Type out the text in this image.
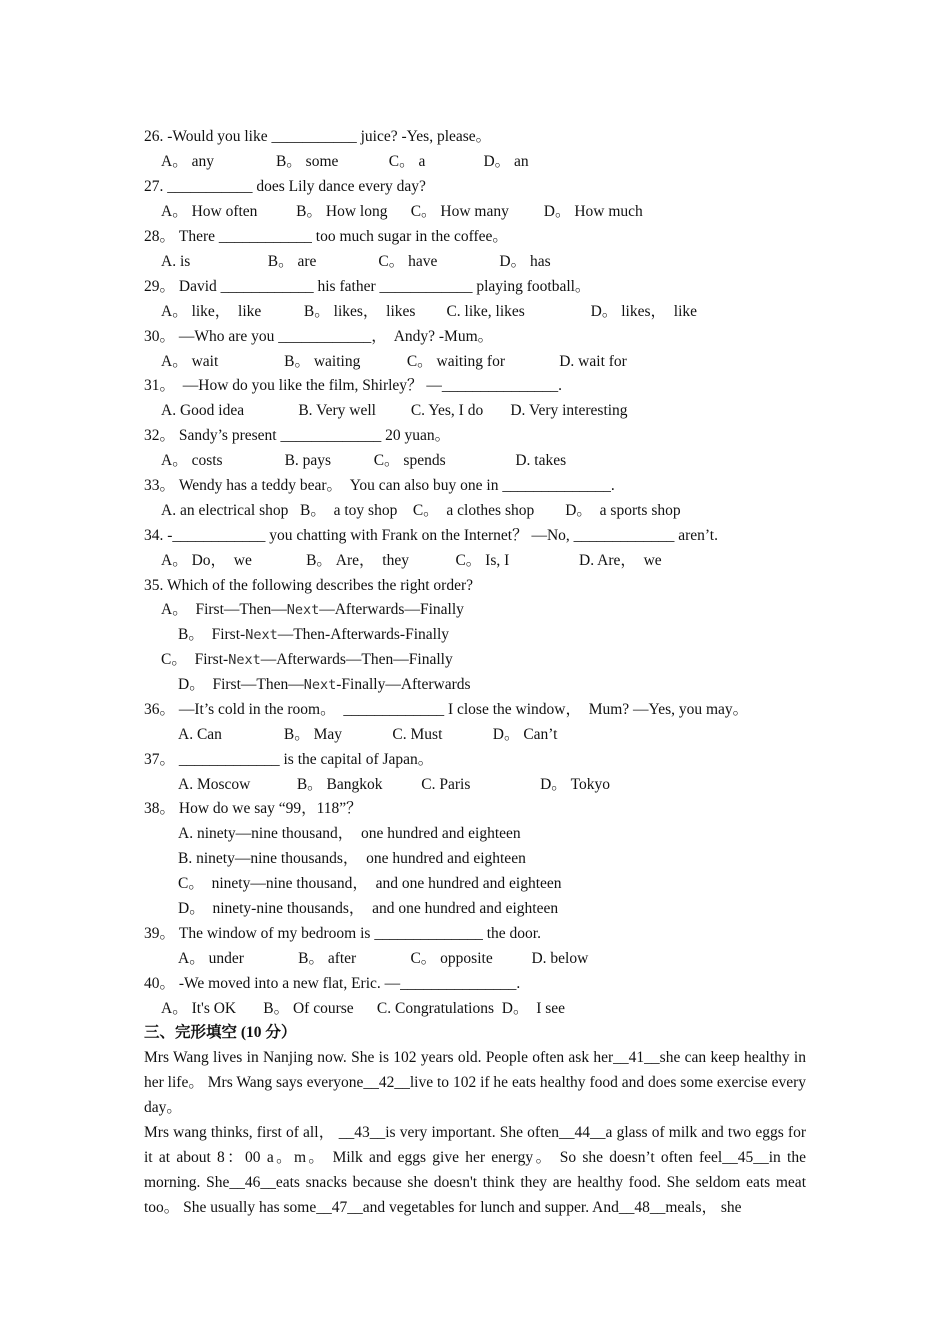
26. -Would you like ___________ juice? -Yes, please。
A。 any                B。 some             C。 a               D。 an
27. ___________ does Lily dance every day?
A。 How often          B。 How long      C。 How many         D。 How much
28。 There ____________ too much sugar in the coffee。
A. is                    B。 are                C。 have                D。 has
29。 David ____________ his father ____________ playing football。
A。 like，  like           B。 likes，  likes        C. like, likes                 D。 likes，  like
30。 —Who are you ____________，  Andy? -Mum。
A。 wait                 B。 waiting            C。 waiting for              D. wait for
31。  —How do you like the film, Shirley？ —_______________.
A. Good idea              B. Very well         C. Yes, I do       D. Very interesting
32。 Sandy’s present _____________ 20 yuan。
A。 costs                B. pays           C。 spends                  D. takes
33。 Wendy has a teddy bear。  You can also buy one in ______________.
A. an electrical shop   B。  a toy shop    C。  a clothes shop        D。  a sports shop
34. -____________ you chatting with Frank on the Internet？ —No, _____________ aren’t.
A。 Do，  we              B。 Are，  they            C。 Is, I                  D. Are，  we
35. Which of the following describes the right order?
A。  First—Then—Next—Afterwards—Finally
B。  First-Next—Then-Afterwards-Finally
C。  First-Next—Afterwards—Then—Finally
D。  First—Then—Next-Finally—Afterwards
36。 —It’s cold in the room。  _____________ I close the window，  Mum? —Yes, you may。
A. Can                B。 May             C. Must             D。 Can’t
37。 _____________ is the capital of Japan。
A. Moscow            B。 Bangkok          C. Paris                  D。 Tokyo
38。 How do we say “99，118”？
A. ninety—nine thousand，  one hundred and eighteen
B. ninety—nine thousands，  one hundred and eighteen
C。  ninety—nine thousand，  and one hundred and eighteen
D。  ninety-nine thousands，  and one hundred and eighteen
39。 The window of my bedroom is ______________ the door.
A。 under              B。 after              C。 opposite          D. below
40。 -We moved into a new flat, Eric. —_______________.
A。 It's OK       B。 Of course      C. Congratulations  D。  I see
三、完形填空 (10 分）

Mrs Wang lives in Nanjing now. She is 102 years old. People often ask her__41__she can keep healthy in her life。 Mrs Wang says everyone__42__live to 102 if he eats healthy food and does some exercise every day。

Mrs wang thinks, first of all， __43__is very important. She often__44__a glass of milk and two eggs for it at about 8：00 a。m。 Milk and eggs give her energy。 So she doesn’t often feel__45__in the morning. She__46__eats snacks because she doesn't think they are healthy food. She seldom eats meat too。 She usually has some__47__and vegetables for lunch and supper. And__48__meals， she
